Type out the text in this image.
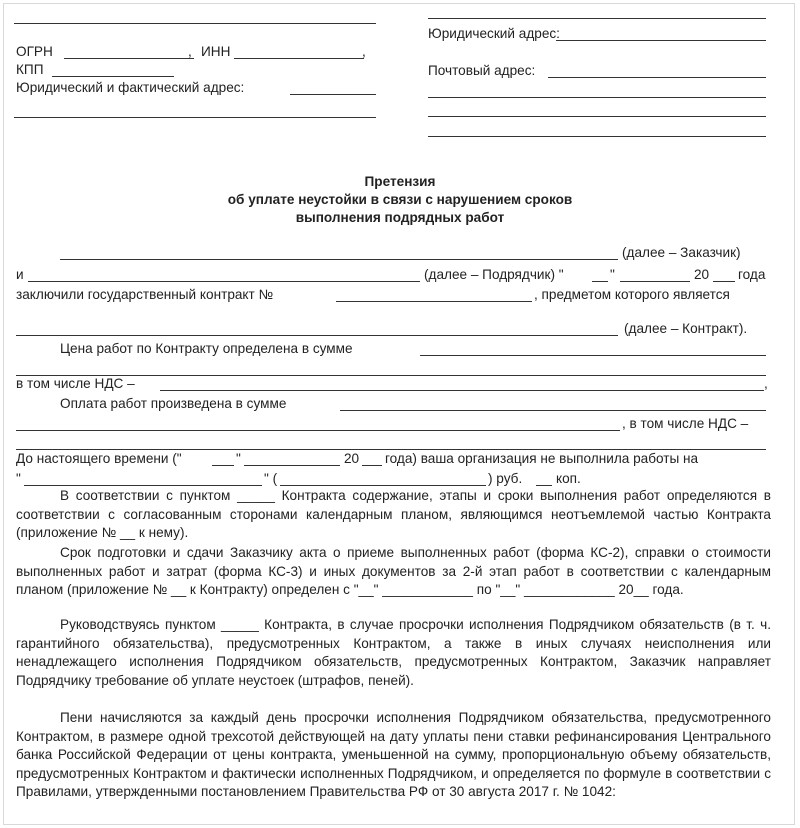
ОГРН	, ИНН	,
КПП
Юридический и фактический адрес:
Юридический адрес:
Почтовый адрес:
Претензия
об уплате неустойки в связи с нарушением сроков
выполнения подрядных работ
(далее – Заказчик)
и	(далее – Подрядчик) "	"	20 года
заключили государственный контракт №	, предметом которого является
(далее – Контракт).
Цена работ по Контракту определена в сумме
в том числе НДС –	,
Оплата работ произведена в сумме
, в том числе НДС –
До настоящего времени ("	"	20 года) ваша организация не выполнила работы на
"	" (	) руб. коп.

В соответствии с пунктом _____ Контракта содержание, этапы и сроки выполнения работ определяются в соответствии с согласованным сторонами календарным планом, являющимся неотъемлемой частью Контракта (приложение № __ к нему).

Срок подготовки и сдачи Заказчику акта о приеме выполненных работ (форма КС-2), справки о стоимости выполненных работ и затрат (форма КС-3) и иных документов за 2-й этап работ в соответствии с календарным планом (приложение № __ к Контракту) определен с "__" ____________ по "__" ____________ 20__ года.

Руководствуясь пунктом _____ Контракта, в случае просрочки исполнения Подрядчиком обязательств (в т. ч. гарантийного обязательства), предусмотренных Контрактом, а также в иных случаях неисполнения или ненадлежащего исполнения Подрядчиком обязательств, предусмотренных Контрактом, Заказчик направляет Подрядчику требование об уплате неустоек (штрафов, пеней).

Пени начисляются за каждый день просрочки исполнения Подрядчиком обязательства, предусмотренного Контрактом, в размере одной трехсотой действующей на дату уплаты пени ставки рефинансирования Центрального банка Российской Федерации от цены контракта, уменьшенной на сумму, пропорциональную объему обязательств, предусмотренных Контрактом и фактически исполненных Подрядчиком, и определяется по формуле в соответствии с Правилами, утвержденными постановлением Правительства РФ от 30 августа 2017 г. № 1042:
